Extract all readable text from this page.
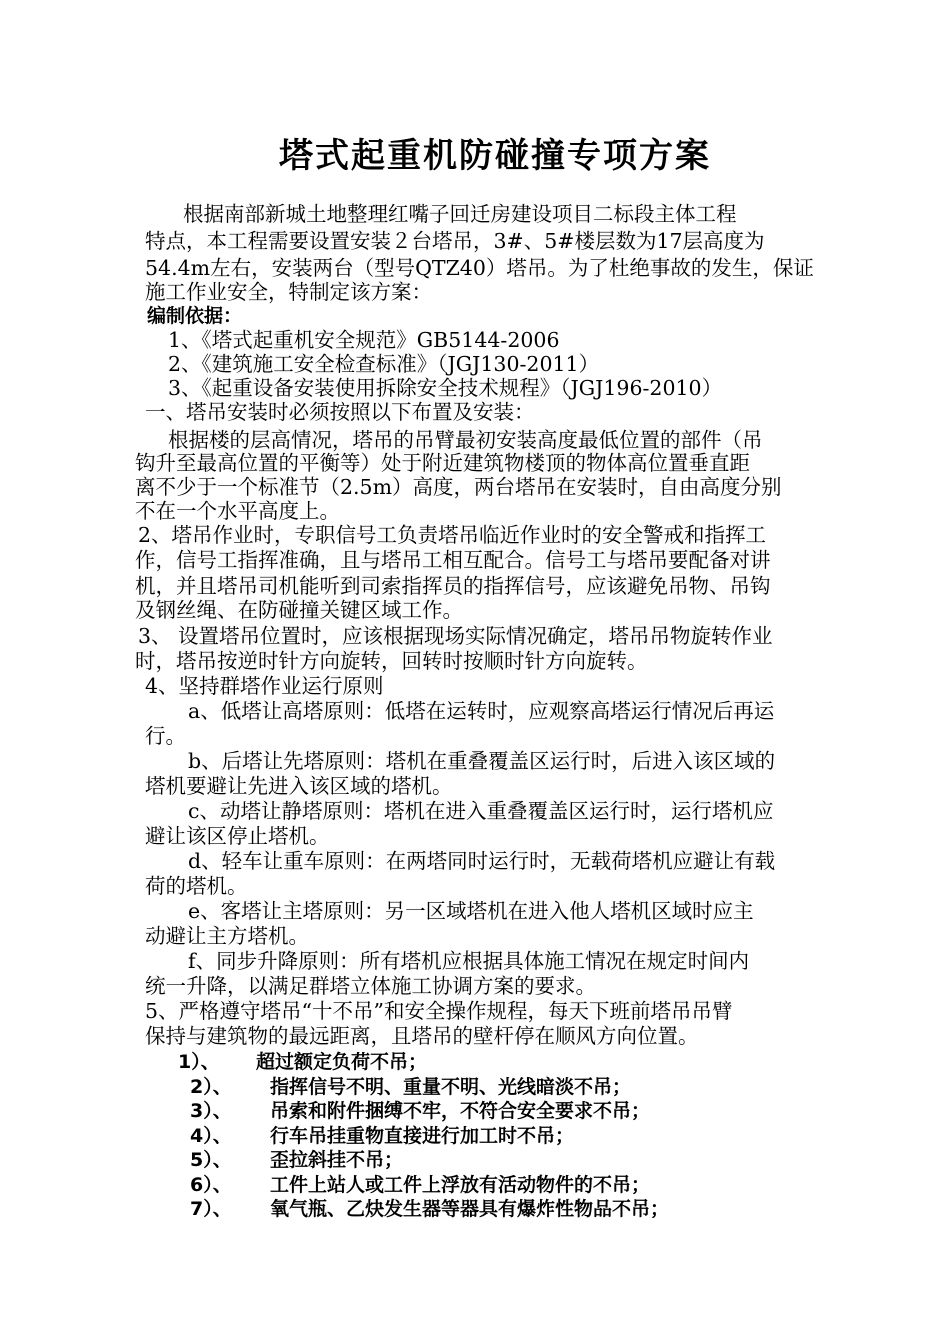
塔式起重机防碰撞专项方案
根据南部新城土地整理红嘴子回迁房建设项目二标段主体工程
特点，本工程需要设置安装２台塔吊，3#、5#楼层数为17层高度为
54.4m左右，安装两台（型号QTZ40）塔吊。为了杜绝事故的发生，保证
施工作业安全，特制定该方案：
编制依据：
1、《塔式起重机安全规范》GB5144-2006
2、《建筑施工安全检查标准》（JGJ130-2011）
3、《起重设备安装使用拆除安全技术规程》（JGJ196-2010）
一、塔吊安装时必须按照以下布置及安装：
根据楼的层高情况，塔吊的吊臂最初安装高度最低位置的部件（吊
钩升至最高位置的平衡等）处于附近建筑物楼顶的物体高位置垂直距
离不少于一个标准节（2.5m）高度，两台塔吊在安装时，自由高度分别
不在一个水平高度上。
2、塔吊作业时，专职信号工负责塔吊临近作业时的安全警戒和指挥工
作，信号工指挥准确，且与塔吊工相互配合。信号工与塔吊要配备对讲
机，并且塔吊司机能听到司索指挥员的指挥信号，应该避免吊物、吊钩
及钢丝绳、在防碰撞关键区域工作。
3、 设置塔吊位置时，应该根据现场实际情况确定，塔吊吊物旋转作业
时，塔吊按逆时针方向旋转，回转时按顺时针方向旋转。
4、坚持群塔作业运行原则
a、低塔让高塔原则：低塔在运转时，应观察高塔运行情况后再运
行。
b、后塔让先塔原则：塔机在重叠覆盖区运行时，后进入该区域的
塔机要避让先进入该区域的塔机。
c、动塔让静塔原则：塔机在进入重叠覆盖区运行时，运行塔机应
避让该区停止塔机。
d、轻车让重车原则：在两塔同时运行时，无载荷塔机应避让有载
荷的塔机。
e、客塔让主塔原则：另一区域塔机在进入他人塔机区域时应主
动避让主方塔机。
f、同步升降原则：所有塔机应根据具体施工情况在规定时间内
统一升降，以满足群塔立体施工协调方案的要求。
5、严格遵守塔吊“十不吊”和安全操作规程，每天下班前塔吊吊臂
保持与建筑物的最远距离，且塔吊的壁杆停在顺风方向位置。
1）、 超过额定负荷不吊；
2）、 指挥信号不明、重量不明、光线暗淡不吊；
3）、 吊索和附件捆缚不牢，不符合安全要求不吊；
4）、 行车吊挂重物直接进行加工时不吊；
5）、 歪拉斜挂不吊；
6）、 工件上站人或工件上浮放有活动物件的不吊；
7）、 氧气瓶、乙炔发生器等器具有爆炸性物品不吊；
